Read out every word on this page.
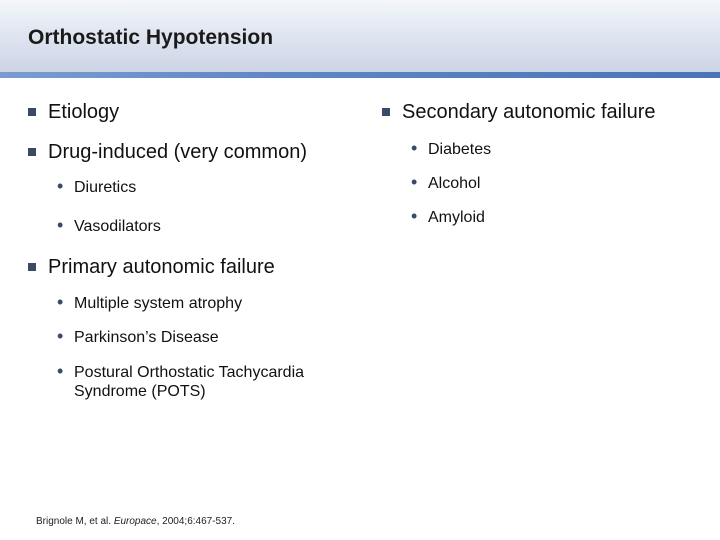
Orthostatic Hypotension
Etiology
Drug-induced (very common)
• Diuretics
• Vasodilators
Primary autonomic failure
• Multiple system atrophy
• Parkinson’s Disease
• Postural Orthostatic Tachycardia
Syndrome (POTS)
Secondary autonomic failure
• Diabetes
• Alcohol
• Amyloid
Brignole M, et al. Europace, 2004;6:467-537.
